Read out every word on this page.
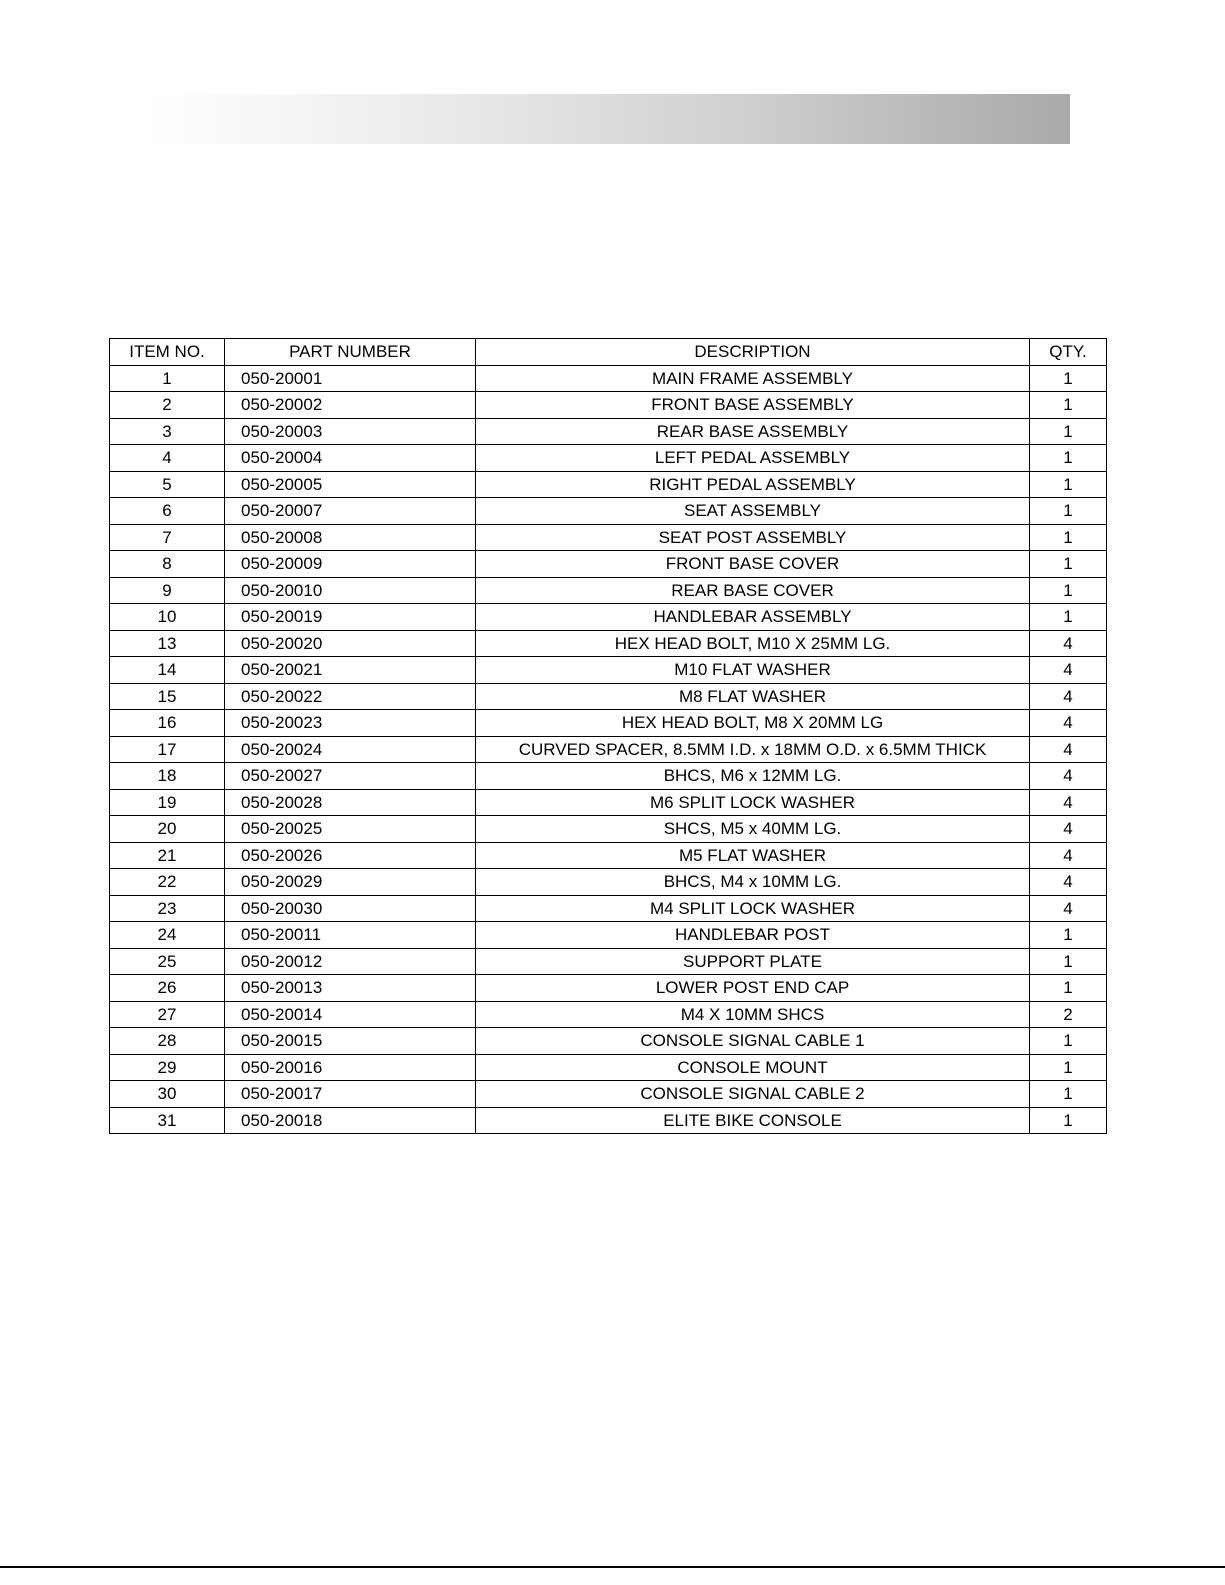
ITEM NO.	PART NUMBER	DESCRIPTION	QTY.
1	050-20001	MAIN FRAME ASSEMBLY	1
2	050-20002	FRONT BASE ASSEMBLY	1
3	050-20003	REAR BASE ASSEMBLY	1
4	050-20004	LEFT PEDAL ASSEMBLY	1
5	050-20005	RIGHT PEDAL ASSEMBLY	1
6	050-20007	SEAT ASSEMBLY	1
7	050-20008	SEAT POST ASSEMBLY	1
8	050-20009	FRONT BASE COVER	1
9	050-20010	REAR BASE COVER	1
10	050-20019	HANDLEBAR ASSEMBLY	1
13	050-20020	HEX HEAD BOLT, M10 X 25MM LG.	4
14	050-20021	M10 FLAT WASHER	4
15	050-20022	M8 FLAT WASHER	4
16	050-20023	HEX HEAD BOLT, M8 X 20MM LG	4
17	050-20024	CURVED SPACER, 8.5MM I.D. x 18MM O.D. x 6.5MM THICK	4
18	050-20027	BHCS, M6 x 12MM LG.	4
19	050-20028	M6 SPLIT LOCK WASHER	4
20	050-20025	SHCS, M5 x 40MM LG.	4
21	050-20026	M5 FLAT WASHER	4
22	050-20029	BHCS, M4 x 10MM LG.	4
23	050-20030	M4 SPLIT LOCK WASHER	4
24	050-20011	HANDLEBAR POST	1
25	050-20012	SUPPORT PLATE	1
26	050-20013	LOWER POST END CAP	1
27	050-20014	M4 X 10MM SHCS	2
28	050-20015	CONSOLE SIGNAL CABLE 1	1
29	050-20016	CONSOLE MOUNT	1
30	050-20017	CONSOLE SIGNAL CABLE 2	1
31	050-20018	ELITE BIKE CONSOLE	1
